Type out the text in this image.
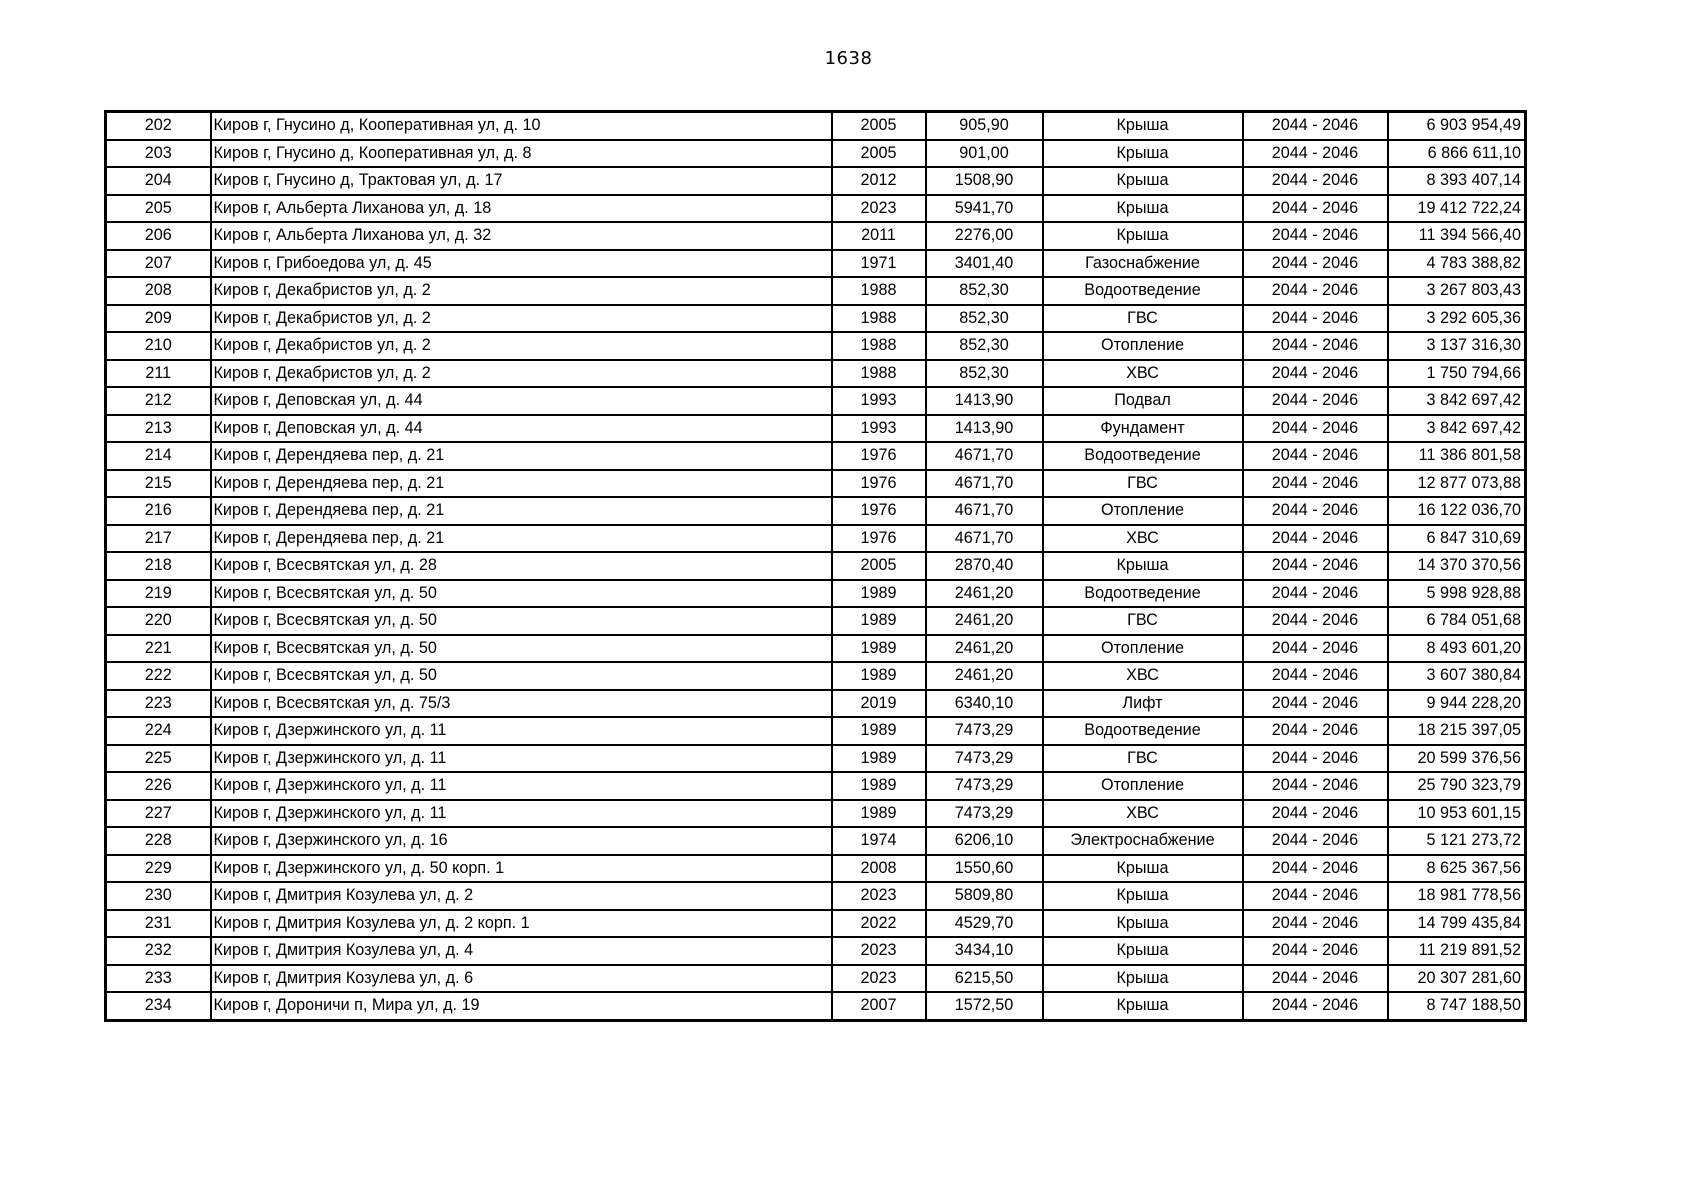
1638
202	Киров г, Гнусино д, Кооперативная ул, д. 10	2005	905,90	Крыша	2044 - 2046	6 903 954,49
203	Киров г, Гнусино д, Кооперативная ул, д. 8	2005	901,00	Крыша	2044 - 2046	6 866 611,10
204	Киров г, Гнусино д, Трактовая ул, д. 17	2012	1508,90	Крыша	2044 - 2046	8 393 407,14
205	Киров г, Альберта Лиханова ул, д. 18	2023	5941,70	Крыша	2044 - 2046	19 412 722,24
206	Киров г, Альберта Лиханова ул, д. 32	2011	2276,00	Крыша	2044 - 2046	11 394 566,40
207	Киров г, Грибоедова ул, д. 45	1971	3401,40	Газоснабжение	2044 - 2046	4 783 388,82
208	Киров г, Декабристов ул, д. 2	1988	852,30	Водоотведение	2044 - 2046	3 267 803,43
209	Киров г, Декабристов ул, д. 2	1988	852,30	ГВС	2044 - 2046	3 292 605,36
210	Киров г, Декабристов ул, д. 2	1988	852,30	Отопление	2044 - 2046	3 137 316,30
211	Киров г, Декабристов ул, д. 2	1988	852,30	ХВС	2044 - 2046	1 750 794,66
212	Киров г, Деповская ул, д. 44	1993	1413,90	Подвал	2044 - 2046	3 842 697,42
213	Киров г, Деповская ул, д. 44	1993	1413,90	Фундамент	2044 - 2046	3 842 697,42
214	Киров г, Дерендяева пер, д. 21	1976	4671,70	Водоотведение	2044 - 2046	11 386 801,58
215	Киров г, Дерендяева пер, д. 21	1976	4671,70	ГВС	2044 - 2046	12 877 073,88
216	Киров г, Дерендяева пер, д. 21	1976	4671,70	Отопление	2044 - 2046	16 122 036,70
217	Киров г, Дерендяева пер, д. 21	1976	4671,70	ХВС	2044 - 2046	6 847 310,69
218	Киров г, Всесвятская ул, д. 28	2005	2870,40	Крыша	2044 - 2046	14 370 370,56
219	Киров г, Всесвятская ул, д. 50	1989	2461,20	Водоотведение	2044 - 2046	5 998 928,88
220	Киров г, Всесвятская ул, д. 50	1989	2461,20	ГВС	2044 - 2046	6 784 051,68
221	Киров г, Всесвятская ул, д. 50	1989	2461,20	Отопление	2044 - 2046	8 493 601,20
222	Киров г, Всесвятская ул, д. 50	1989	2461,20	ХВС	2044 - 2046	3 607 380,84
223	Киров г, Всесвятская ул, д. 75/3	2019	6340,10	Лифт	2044 - 2046	9 944 228,20
224	Киров г, Дзержинского ул, д. 11	1989	7473,29	Водоотведение	2044 - 2046	18 215 397,05
225	Киров г, Дзержинского ул, д. 11	1989	7473,29	ГВС	2044 - 2046	20 599 376,56
226	Киров г, Дзержинского ул, д. 11	1989	7473,29	Отопление	2044 - 2046	25 790 323,79
227	Киров г, Дзержинского ул, д. 11	1989	7473,29	ХВС	2044 - 2046	10 953 601,15
228	Киров г, Дзержинского ул, д. 16	1974	6206,10	Электроснабжение	2044 - 2046	5 121 273,72
229	Киров г, Дзержинского ул, д. 50 корп. 1	2008	1550,60	Крыша	2044 - 2046	8 625 367,56
230	Киров г, Дмитрия Козулева ул, д. 2	2023	5809,80	Крыша	2044 - 2046	18 981 778,56
231	Киров г, Дмитрия Козулева ул, д. 2 корп. 1	2022	4529,70	Крыша	2044 - 2046	14 799 435,84
232	Киров г, Дмитрия Козулева ул, д. 4	2023	3434,10	Крыша	2044 - 2046	11 219 891,52
233	Киров г, Дмитрия Козулева ул, д. 6	2023	6215,50	Крыша	2044 - 2046	20 307 281,60
234	Киров г, Дороничи п, Мира ул, д. 19	2007	1572,50	Крыша	2044 - 2046	8 747 188,50
